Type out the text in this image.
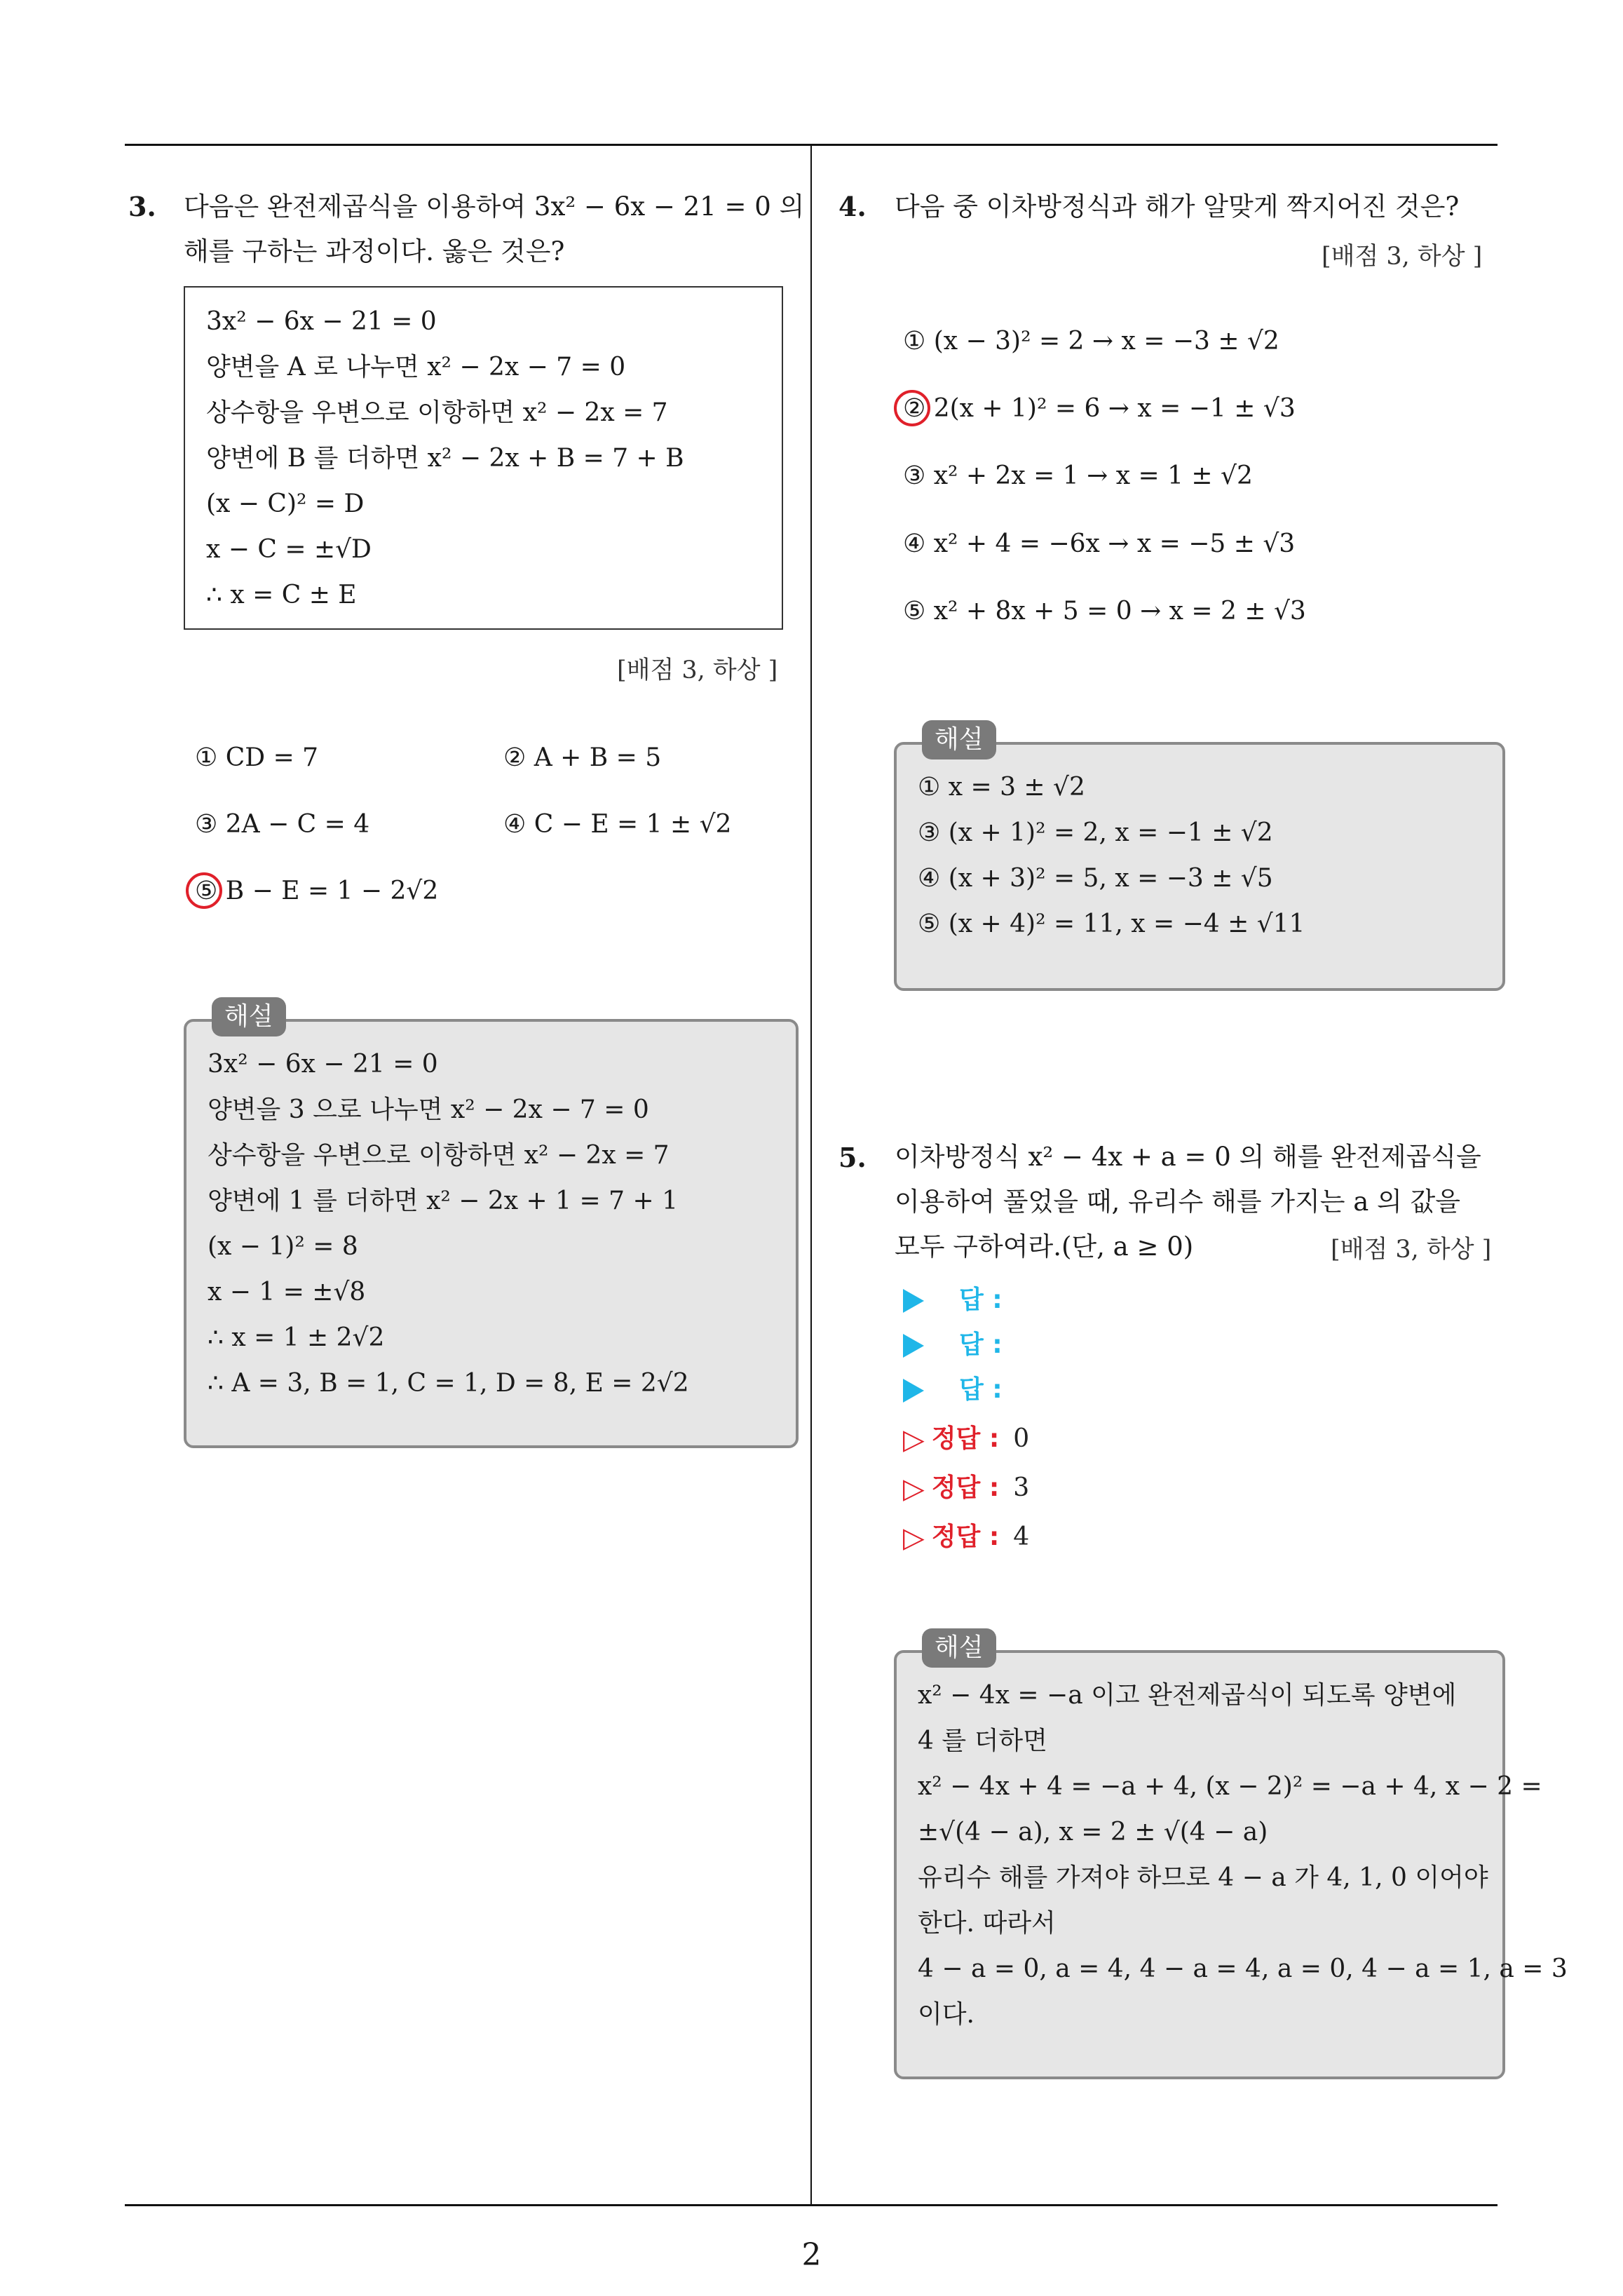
3. 다음은 완전제곱식을 이용하여 3x² − 6x − 21 = 0 의
해를 구하는 과정이다. 옳은 것은?
3x² − 6x − 21 = 0
양변을 A 로 나누면 x² − 2x − 7 = 0
상수항을 우변으로 이항하면 x² − 2x = 7
양변에 B 를 더하면 x² − 2x + B = 7 + B
(x − C)² = D
x − C = ±√D
∴ x = C ± E
[배점 3, 하상 ]
① CD = 7	② A + B = 5
③ 2A − C = 4	④ C − E = 1 ± √2
⑤ B − E = 1 − 2√2
3x² − 6x − 21 = 0
양변을 3 으로 나누면 x² − 2x − 7 = 0
상수항을 우변으로 이항하면 x² − 2x = 7
양변에 1 를 더하면 x² − 2x + 1 = 7 + 1
(x − 1)² = 8
x − 1 = ±√8
∴ x = 1 ± 2√2
∴ A = 3, B = 1, C = 1, D = 8, E = 2√2
해설
4. 다음 중 이차방정식과 해가 알맞게 짝지어진 것은?
[배점 3, 하상 ]
① (x − 3)² = 2 → x = −3 ± √2
② 2(x + 1)² = 6 → x = −1 ± √3
③ x² + 2x = 1 → x = 1 ± √2
④ x² + 4 = −6x → x = −5 ± √3
⑤ x² + 8x + 5 = 0 → x = 2 ± √3
① x = 3 ± √2
③ (x + 1)² = 2, x = −1 ± √2
④ (x + 3)² = 5, x = −3 ± √5
⑤ (x + 4)² = 11, x = −4 ± √11
해설
5. 이차방정식 x² − 4x + a = 0 의 해를 완전제곱식을
이용하여 풀었을 때, 유리수 해를 가지는 a 의 값을
모두 구하여라.(단, a ≥ 0)	[배점 3, 하상 ]
답 :
답 :
답 :
▷ 정답 : 0
▷ 정답 : 3
▷ 정답 : 4
x² − 4x = −a 이고 완전제곱식이 되도록 양변에
4 를 더하면
x² − 4x + 4 = −a + 4, (x − 2)² = −a + 4, x − 2 =
±√(4 − a), x = 2 ± √(4 − a)
유리수 해를 가져야 하므로 4 − a 가 4, 1, 0 이어야
한다. 따라서
4 − a = 0, a = 4, 4 − a = 4, a = 0, 4 − a = 1, a = 3
이다.
해설
2
